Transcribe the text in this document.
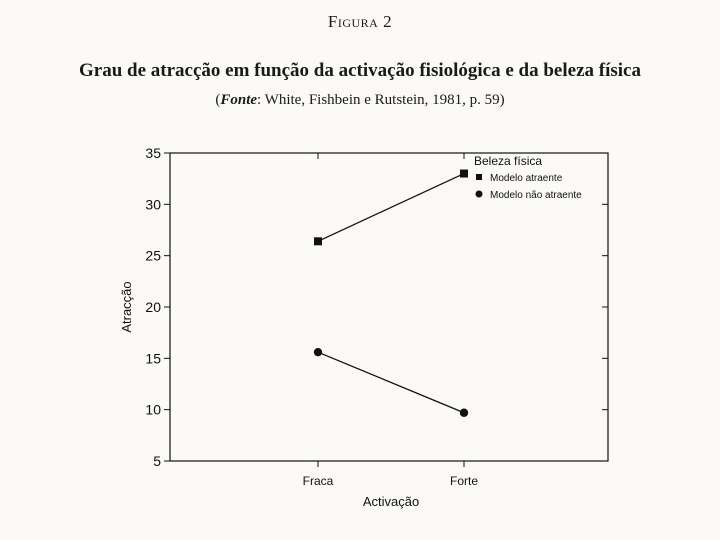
Figura 2
Grau de atracção em função da activação fisiológica e da beleza física
(Fonte: White, Fishbein e Rutstein, 1981, p. 59)
5
10
15
20
25
30
35
Fraca	Forte
Beleza física
Modelo atraente
Modelo não atraente
Atracção
Activação
